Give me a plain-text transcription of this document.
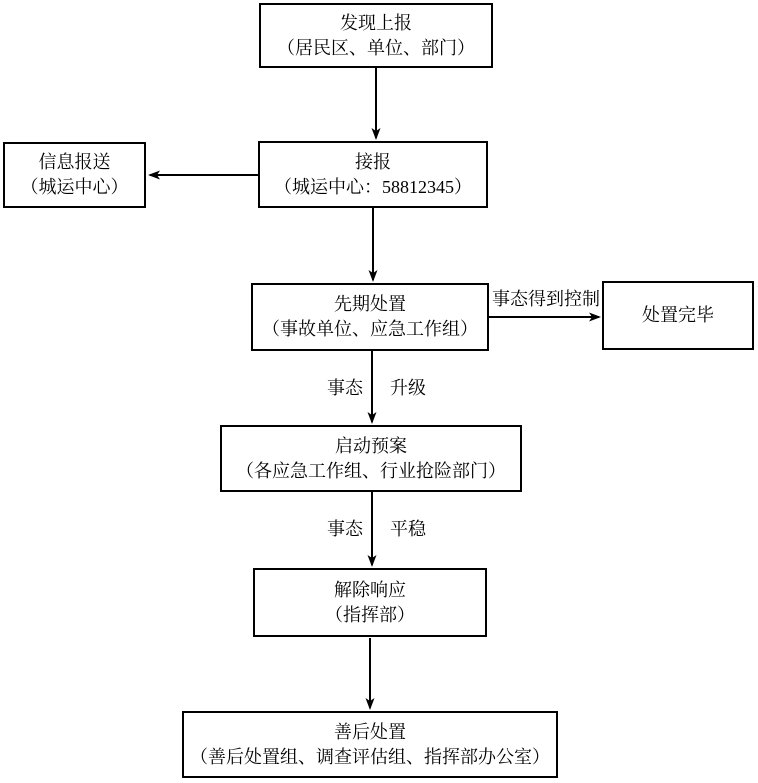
发现上报
（居民区、单位、部门）
信息报送
（城运中心）
接报
（城运中心：58812345）
先期处置
（事故单位、应急工作组）
处置完毕
启动预案
（各应急工作组、行业抢险部门）
解除响应
（指挥部）
善后处置
（善后处置组、调查评估组、指挥部办公室）
事态得到控制
事态 升级
事态 平稳
